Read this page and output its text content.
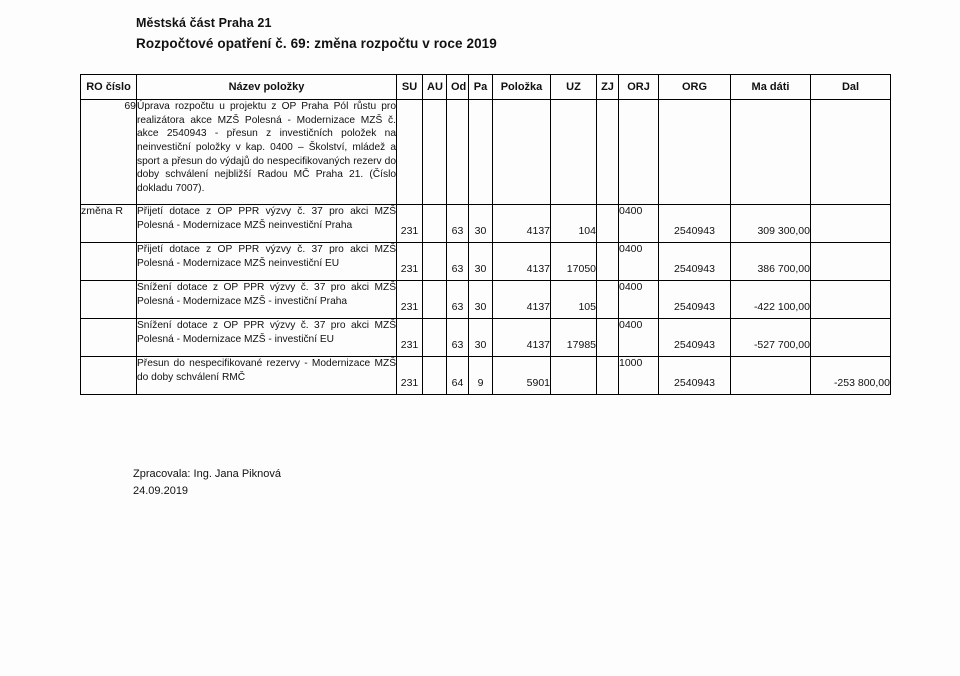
Městská část Praha 21
Rozpočtové opatření č. 69: změna rozpočtu v roce 2019
RO číslo	Název položky	SU	AU	Od	Pa	Položka	UZ	ZJ	ORJ	ORG	Ma dáti	Dal
69	Úprava rozpočtu u projektu z OP Praha Pól růstu pro realizátora akce MZŠ Polesná - Modernizace MZŠ č. akce 2540943 - přesun z investičních položek na neinvestiční položky v kap. 0400 – Školství, mládež a sport a přesun do výdajů do nespecifikovaných rezerv do doby schválení nejbližší Radou MČ Praha 21. (Číslo dokladu 7007).											
změna R	Přijetí dotace z OP PPR výzvy č. 37 pro akci MZŠ Polesná - Modernizace MZŠ neinvestiční Praha	231		63	30	4137	104		0400	2540943	309 300,00	
	Přijetí dotace z OP PPR výzvy č. 37 pro akci MZŠ Polesná - Modernizace MZŠ neinvestiční EU	231		63	30	4137	17050		0400	2540943	386 700,00	
	Snížení dotace z OP PPR výzvy č. 37 pro akci MZŠ Polesná - Modernizace MZŠ - investiční Praha	231		63	30	4137	105		0400	2540943	-422 100,00	
	Snížení dotace z OP PPR výzvy č. 37 pro akci MZŠ Polesná - Modernizace MZŠ - investiční EU	231		63	30	4137	17985		0400	2540943	-527 700,00	
	Přesun do nespecifikované rezervy - Modernizace MZŠ do doby schválení RMČ	231		64	9	5901			1000	2540943		-253 800,00
Zpracovala: Ing. Jana Piknová
24.09.2019
